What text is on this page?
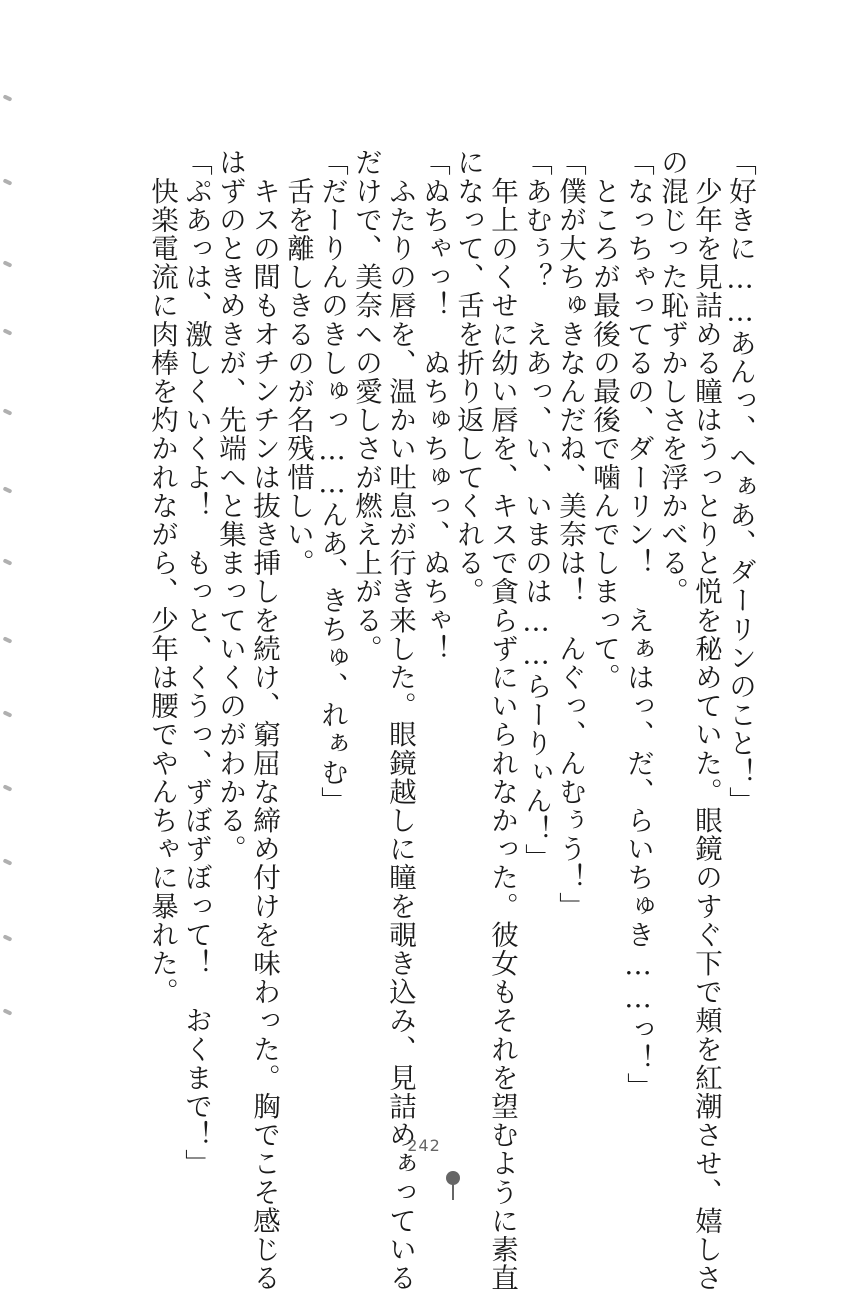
「好きに……あんっ、へぁあ、ダーリンのこと！」
　少年を見詰める瞳はうっとりと悦を秘めていた。眼鏡のすぐ下で頬を紅潮させ、嬉しさ
の混じった恥ずかしさを浮かべる。
「なっちゃってるの、ダーリン！　えぁはっ、だ、らいちゅき……っ！」
　ところが最後の最後で噛んでしまって。
「僕が大ちゅきなんだね、美奈は！　んぐっ、んむぅう！」
「あむぅ？　えあっ、い、いまのは……らーりぃん！」
　年上のくせに幼い唇を、キスで貪らずにいられなかった。彼女もそれを望むように素直
になって、舌を折り返してくれる。
「ぬちゃっ！　ぬちゅちゅっ、ぬちゃ！
　ふたりの唇を、温かい吐息が行き来した。眼鏡越しに瞳を覗き込み、見詰めぁっている
だけで、美奈への愛しさが燃え上がる。
「だーりんのきしゅっ……んあ、きちゅ、れぁむ」
　舌を離しきるのが名残惜しい。
　キスの間もオチンチンは抜き挿しを続け、窮屈な締め付けを味わった。胸でこそ感じる
はずのときめきが、先端へと集まっていくのがわかる。
「ぷあっは、激しくいくよ！　もっと、くうっ、ずぼずぼって！　おくまで！」
　快楽電流に肉棒を灼かれながら、少年は腰でやんちゃに暴れた。
242
